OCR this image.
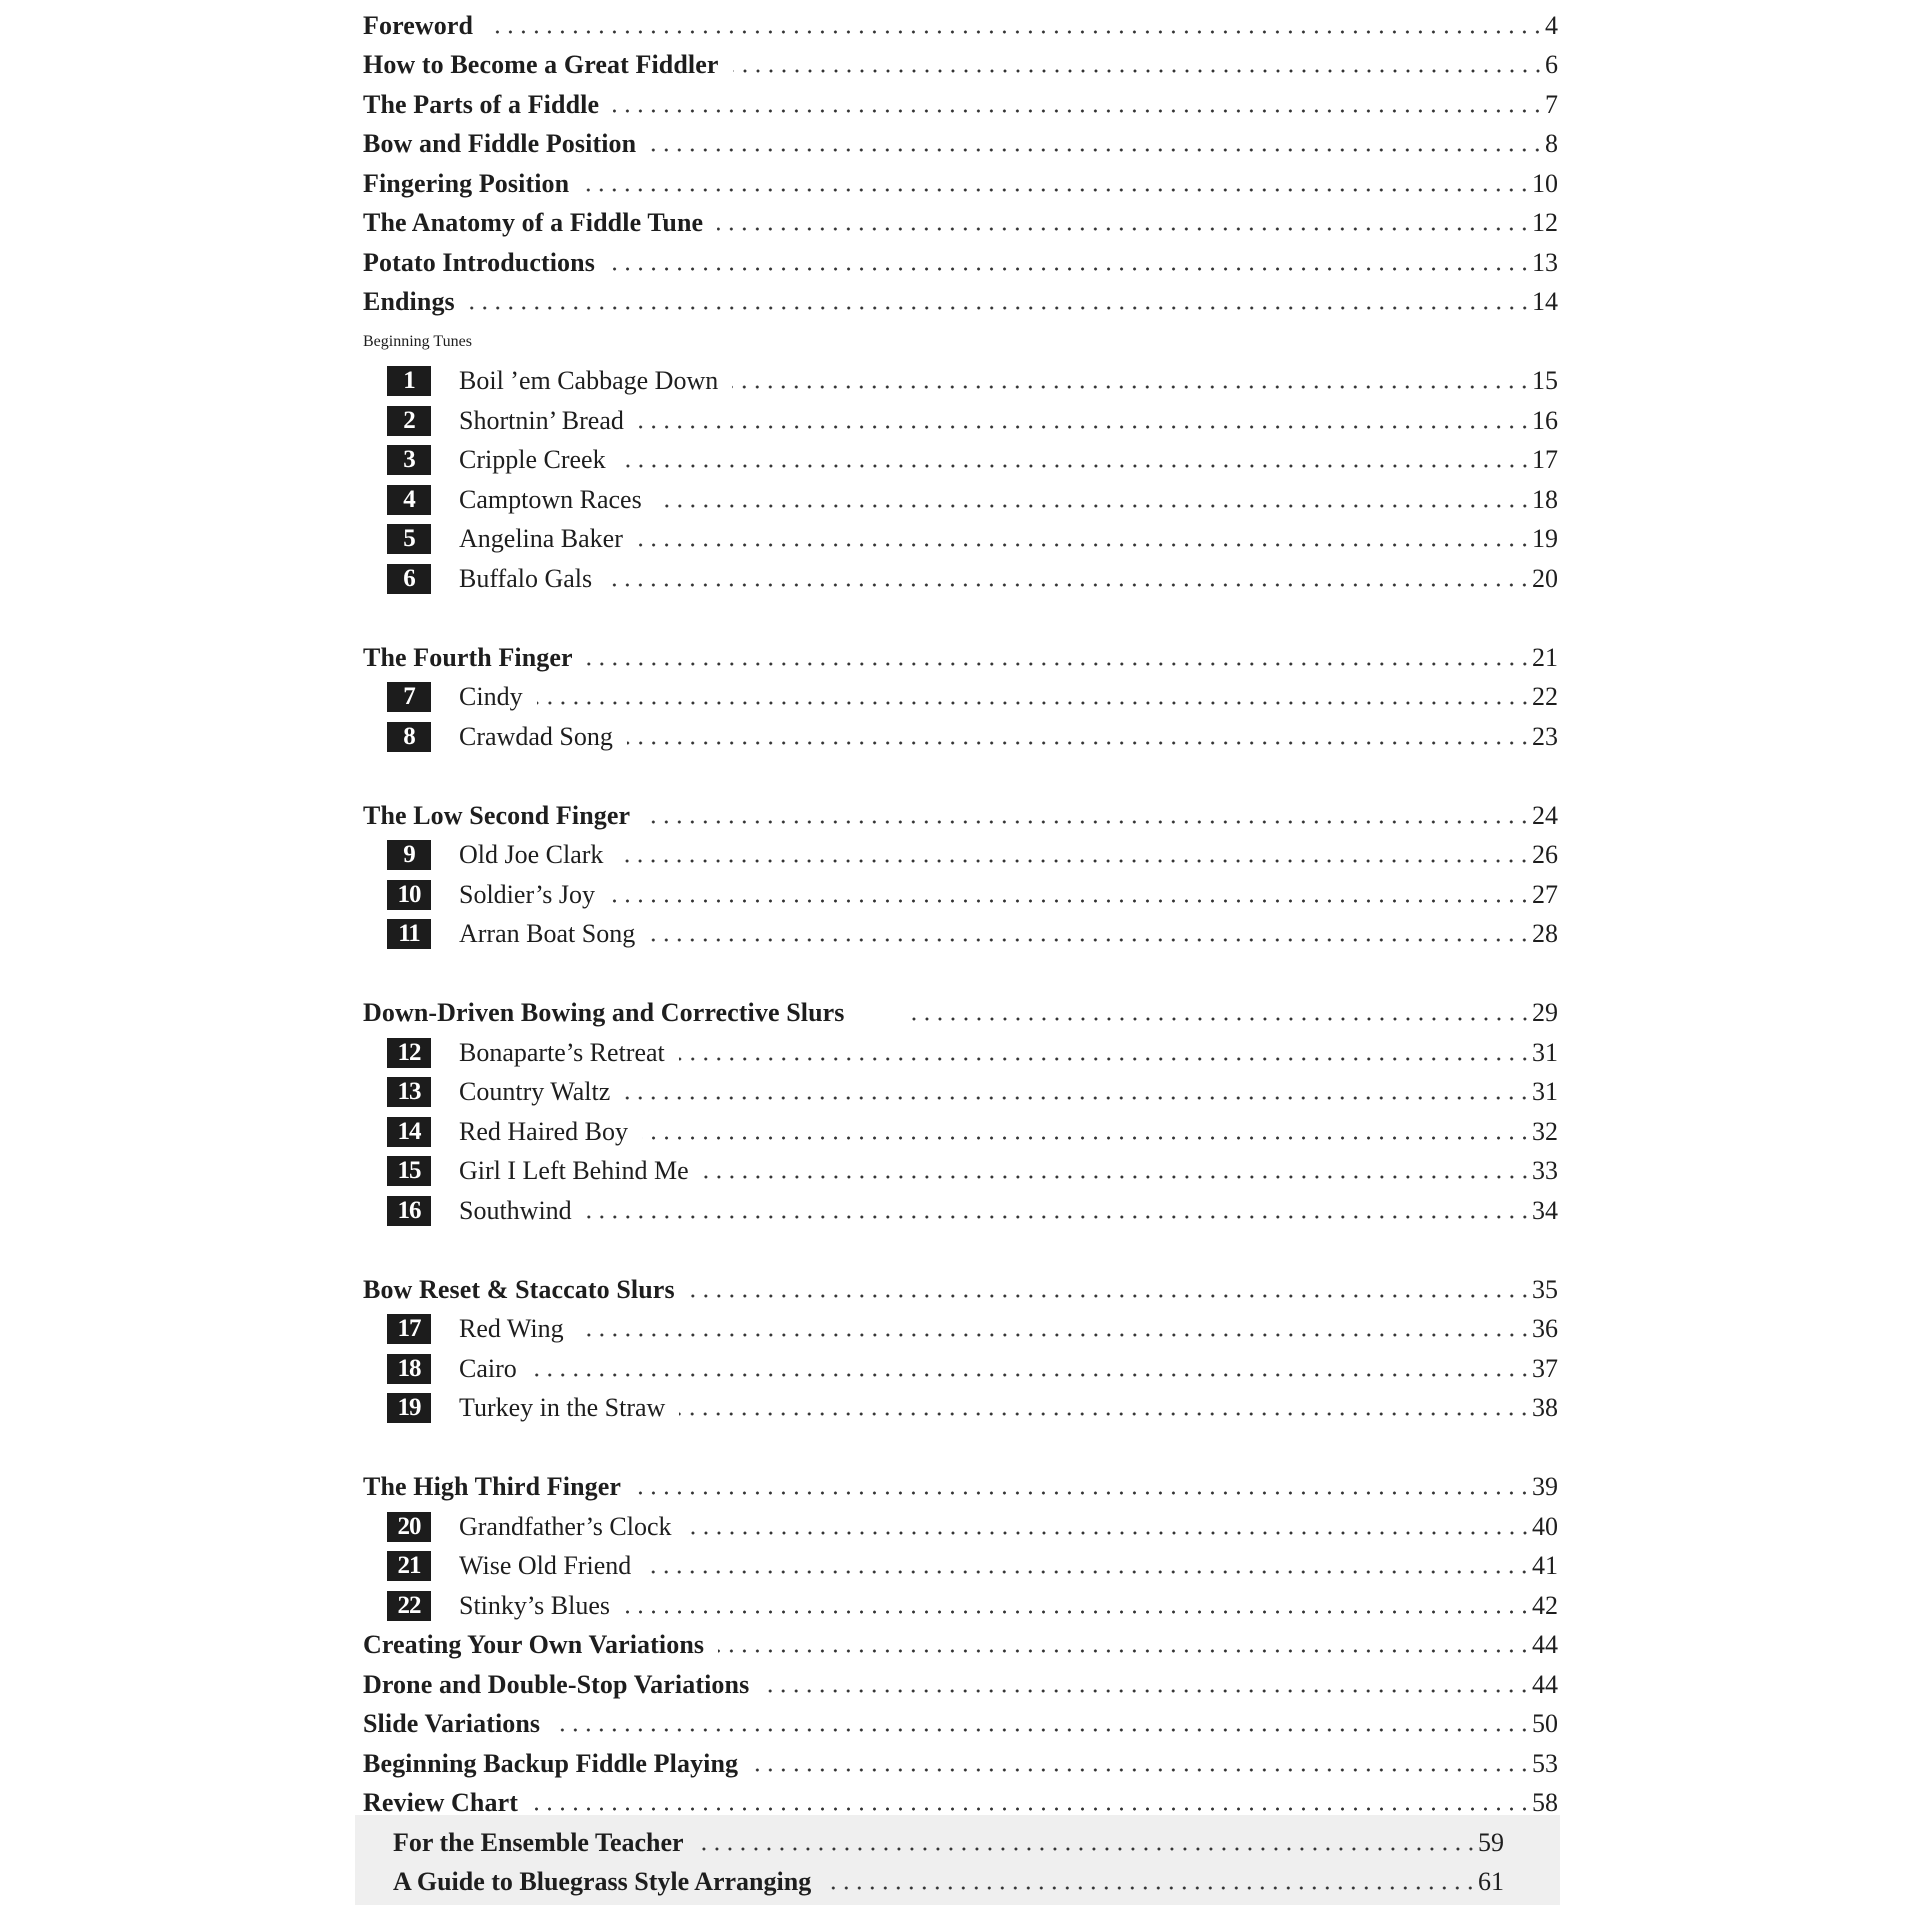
Foreword	4
How to Become a Great Fiddler	6
The Parts of a Fiddle	7
Bow and Fiddle Position	8
Fingering Position	10
The Anatomy of a Fiddle Tune	12
Potato Introductions	13
Endings	14
Beginning Tunes
1	Boil ’em Cabbage Down	15
2	Shortnin’ Bread	16
3	Cripple Creek	17
4	Camptown Races	18
5	Angelina Baker	19
6	Buffalo Gals	20
The Fourth Finger	21
7	Cindy	22
8	Crawdad Song	23
The Low Second Finger	24
9	Old Joe Clark	26
10	Soldier’s Joy	27
11	Arran Boat Song	28
Down-Driven Bowing and Corrective Slurs	29
12	Bonaparte’s Retreat	31
13	Country Waltz	31
14	Red Haired Boy	32
15	Girl I Left Behind Me	33
16	Southwind	34
Bow Reset & Staccato Slurs	35
17	Red Wing	36
18	Cairo	37
19	Turkey in the Straw	38
The High Third Finger	39
20	Grandfather’s Clock	40
21	Wise Old Friend	41
22	Stinky’s Blues	42
Creating Your Own Variations	44
Drone and Double-Stop Variations	44
Slide Variations	50
Beginning Backup Fiddle Playing	53
Review Chart	58
For the Ensemble Teacher	59
A Guide to Bluegrass Style Arranging	61
